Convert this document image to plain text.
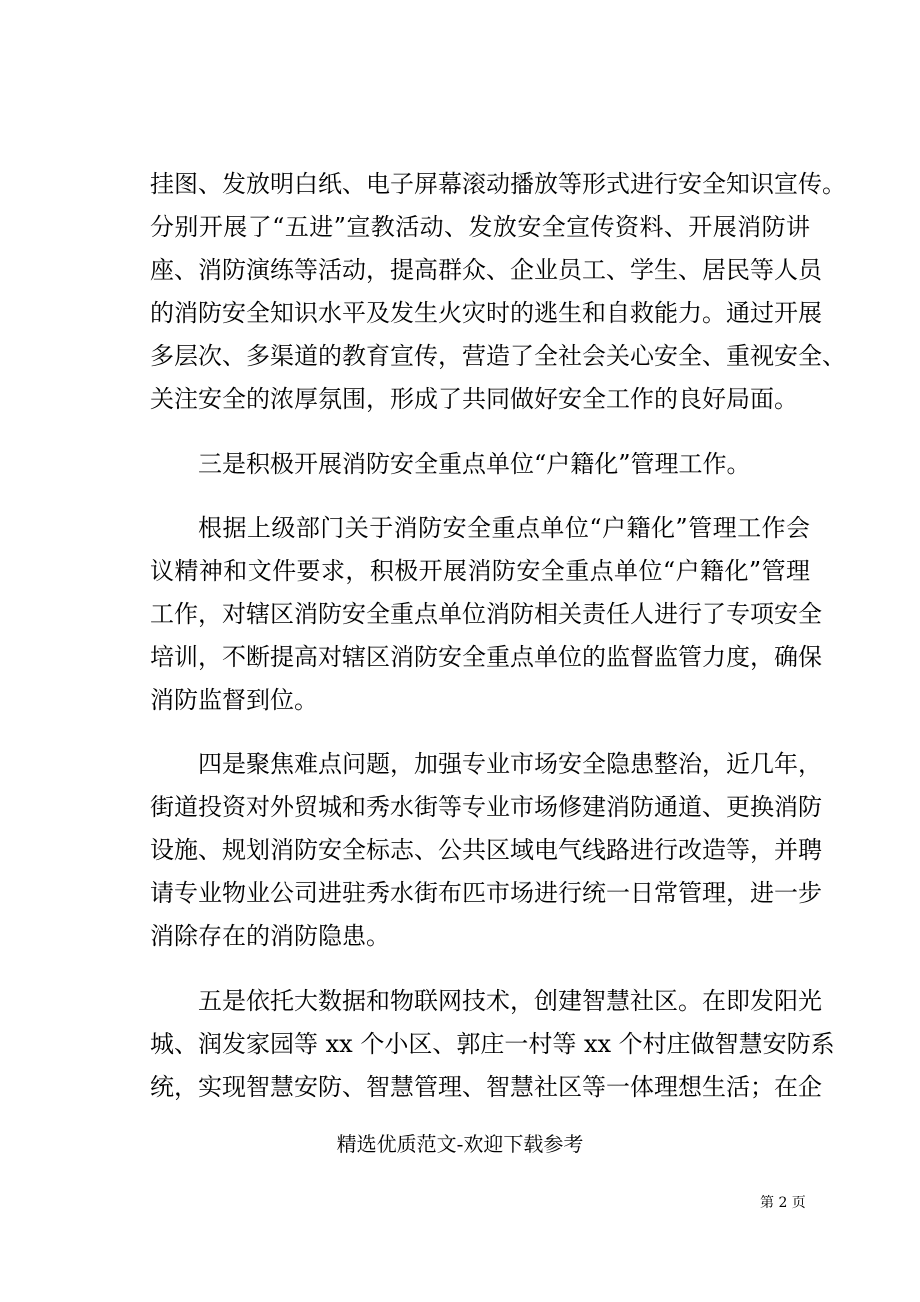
挂图、发放明白纸、电子屏幕滚动播放等形式进行安全知识宣传。
分别开展了“五进”宣教活动、发放安全宣传资料、开展消防讲
座、消防演练等活动，提高群众、企业员工、学生、居民等人员
的消防安全知识水平及发生火灾时的逃生和自救能力。通过开展
多层次、多渠道的教育宣传，营造了全社会关心安全、重视安全、
关注安全的浓厚氛围，形成了共同做好安全工作的良好局面。
三是积极开展消防安全重点单位“户籍化”管理工作。
根据上级部门关于消防安全重点单位“户籍化”管理工作会
议精神和文件要求，积极开展消防安全重点单位“户籍化”管理
工作，对辖区消防安全重点单位消防相关责任人进行了专项安全
培训，不断提高对辖区消防安全重点单位的监督监管力度，确保
消防监督到位。
四是聚焦难点问题，加强专业市场安全隐患整治，近几年，
街道投资对外贸城和秀水街等专业市场修建消防通道、更换消防
设施、规划消防安全标志、公共区域电气线路进行改造等，并聘
请专业物业公司进驻秀水街布匹市场进行统一日常管理，进一步
消除存在的消防隐患。
五是依托大数据和物联网技术，创建智慧社区。在即发阳光
城、润发家园等 xx 个小区、郭庄一村等 xx 个村庄做智慧安防系
统，实现智慧安防、智慧管理、智慧社区等一体理想生活；在企
精选优质范文-欢迎下载参考
第 2 页
